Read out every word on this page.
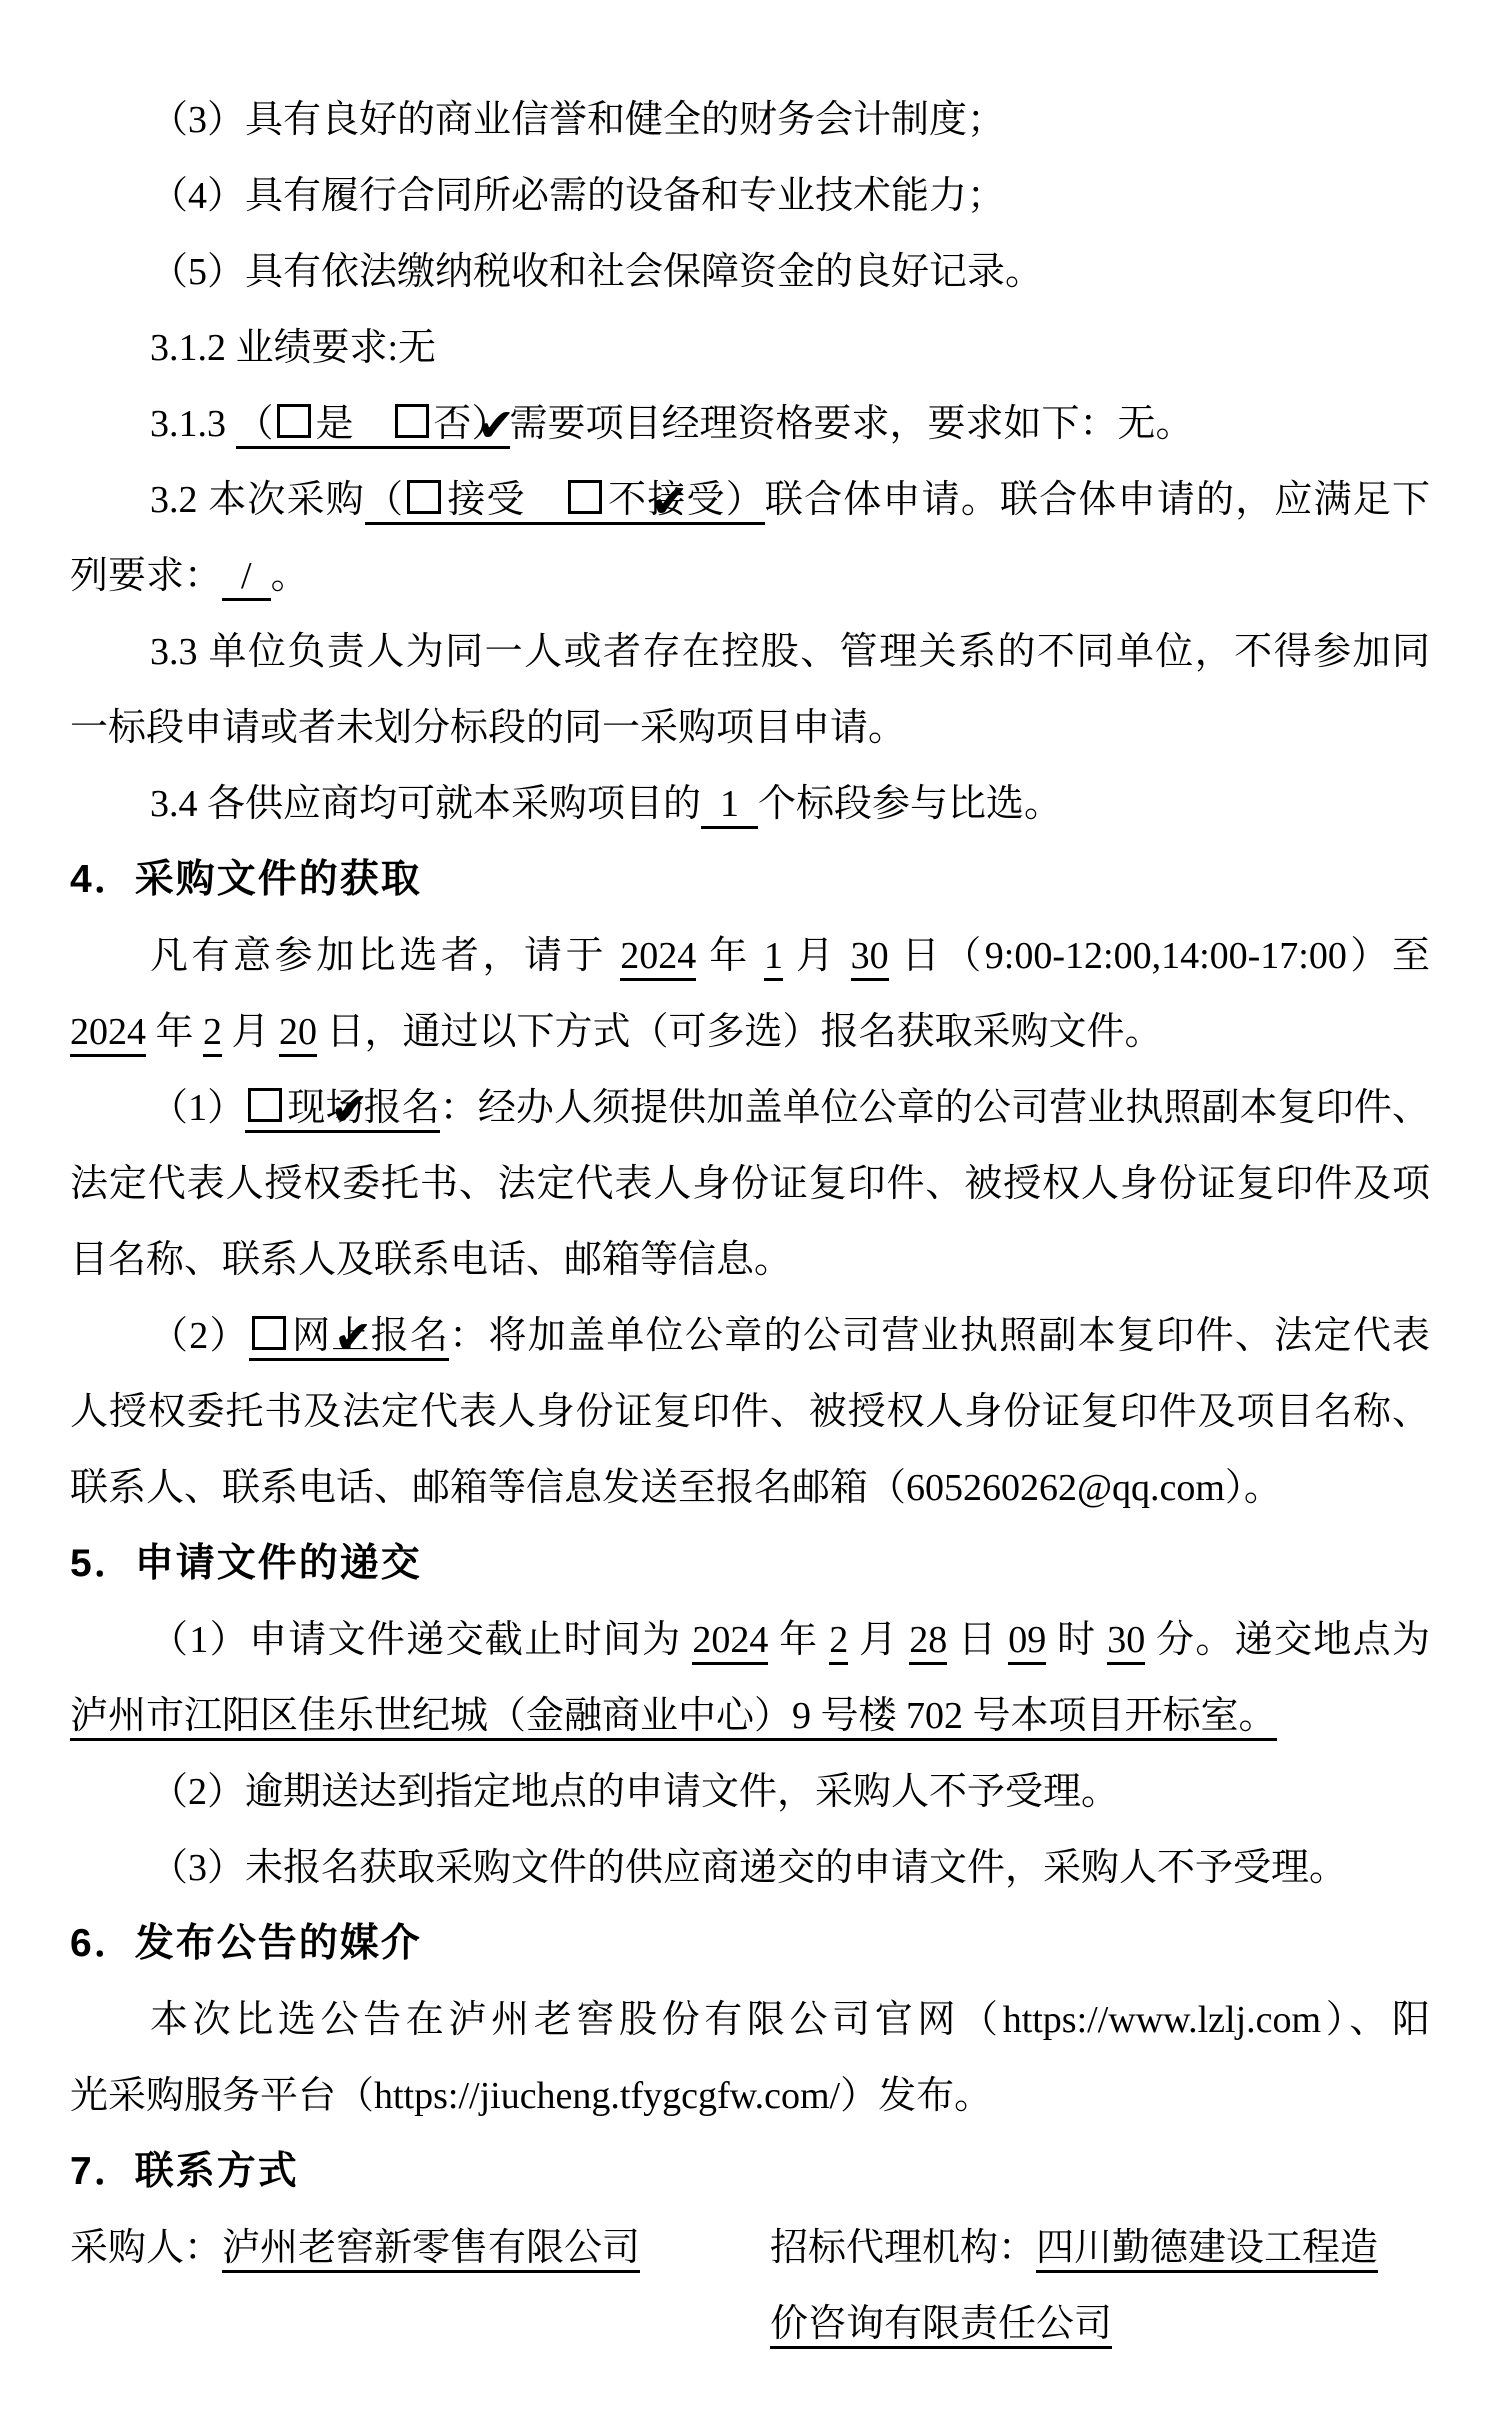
（3）具有良好的商业信誉和健全的财务会计制度；
（4）具有履行合同所必需的设备和专业技术能力；
（5）具有依法缴纳税收和社会保障资金的良好记录。
3.1.2 业绩要求:无
3.1.3 （ 是　✔否）需要项目经理资格要求，要求如下：无。
3.2 本次采购（ 接受　✔不接受）联合体申请。联合体申请的，应满足下
列要求： / 。
3.3 单位负责人为同一人或者存在控股、管理关系的不同单位，不得参加同
一标段申请或者未划分标段的同一采购项目申请。
3.4 各供应商均可就本采购项目的 1 个标段参与比选。
4．采购文件的获取
凡有意参加比选者，请于 2024 年 1 月 30 日（9:00-12:00,14:00-17:00）至
2024 年 2 月 20 日，通过以下方式（可多选）报名获取采购文件。
（1） ✔ 现场报名：经办人须提供加盖单位公章的公司营业执照副本复印件、
法定代表人授权委托书、法定代表人身份证复印件、被授权人身份证复印件及项
目名称、联系人及联系电话、邮箱等信息。
（2） ✔ 网上报名：将加盖单位公章的公司营业执照副本复印件、法定代表
人授权委托书及法定代表人身份证复印件、被授权人身份证复印件及项目名称、
联系人、联系电话、邮箱等信息发送至报名邮箱（605260262@qq.com）。
5．申请文件的递交
（1）申请文件递交截止时间为 2024 年 2 月 28 日 09 时 30 分。递交地点为
泸州市江阳区佳乐世纪城（金融商业中心）9 号楼 702 号本项目开标室。
（2）逾期送达到指定地点的申请文件，采购人不予受理。
（3）未报名获取采购文件的供应商递交的申请文件，采购人不予受理。
6．发布公告的媒介
本次比选公告在泸州老窖股份有限公司官网（https://www.lzlj.com）、阳
光采购服务平台（https://jiucheng.tfygcgfw.com/）发布。
7．联系方式
采购人：泸州老窖新零售有限公司	招标代理机构：四川勤德建设工程造
价咨询有限责任公司
